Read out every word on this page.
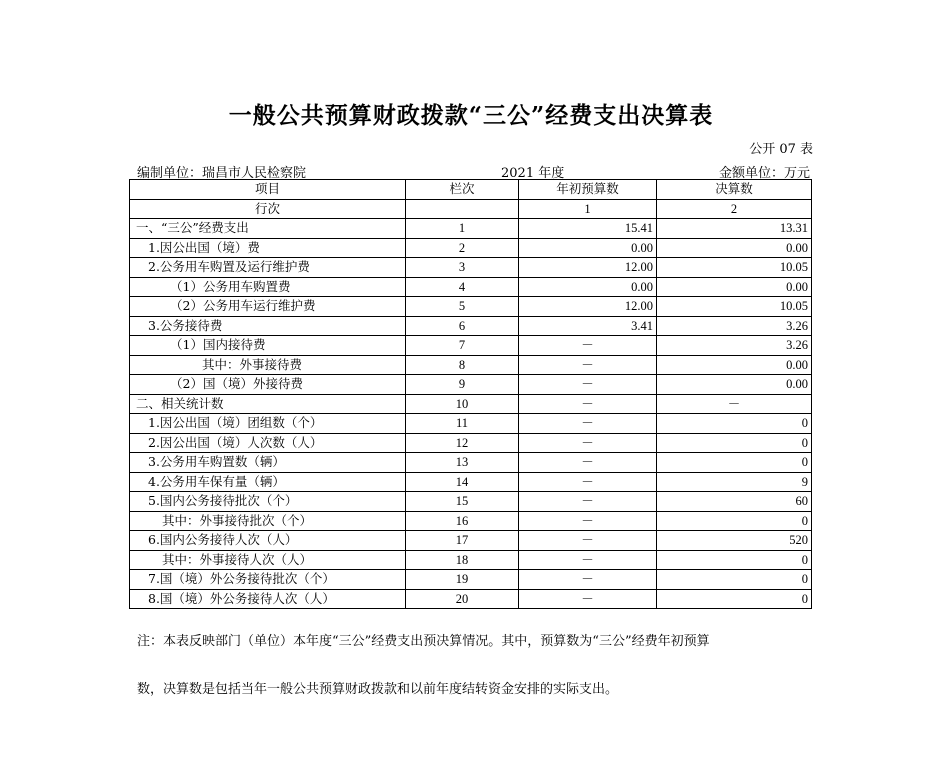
一般公共预算财政拨款“三公”经费支出决算表
公开 07 表
编制单位：瑞昌市人民检察院	2021 年度	金额单位：万元
项目	栏次	年初预算数	决算数
行次		1	2
一、“三公”经费支出	1	15.41	13.31
1.因公出国（境）费	2	0.00	0.00
2.公务用车购置及运行维护费	3	12.00	10.05
（1）公务用车购置费	4	0.00	0.00
（2）公务用车运行维护费	5	12.00	10.05
3.公务接待费	6	3.41	3.26
（1）国内接待费	7	－	3.26
其中：外事接待费	8	－	0.00
（2）国（境）外接待费	9	－	0.00
二、相关统计数	10	－	－
1.因公出国（境）团组数（个）	11	－	0
2.因公出国（境）人次数（人）	12	－	0
3.公务用车购置数（辆）	13	－	0
4.公务用车保有量（辆）	14	－	9
5.国内公务接待批次（个）	15	－	60
其中：外事接待批次（个）	16	－	0
6.国内公务接待人次（人）	17	－	520
其中：外事接待人次（人）	18	－	0
7.国（境）外公务接待批次（个）	19	－	0
8.国（境）外公务接待人次（人）	20	－	0
注：本表反映部门（单位）本年度“三公”经费支出预决算情况。其中，预算数为“三公”经费年初预算
数，决算数是包括当年一般公共预算财政拨款和以前年度结转资金安排的实际支出。
